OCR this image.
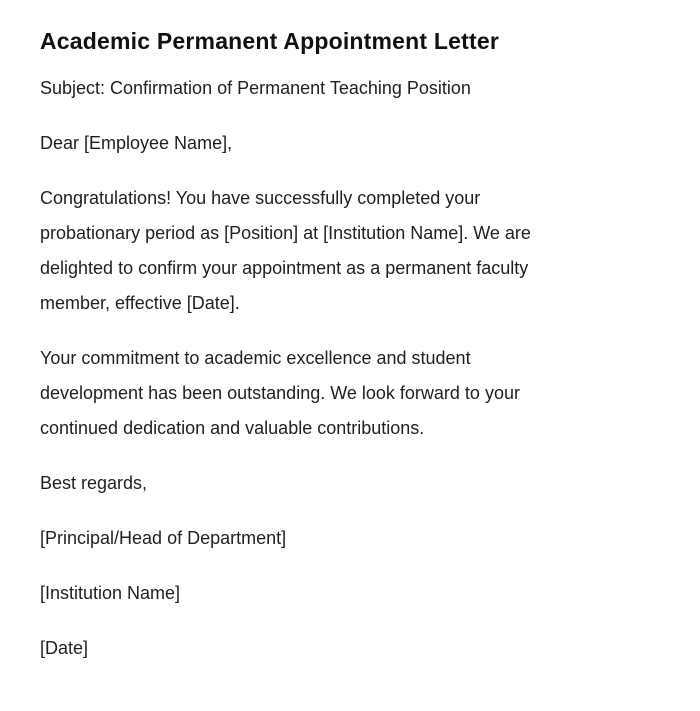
Academic Permanent Appointment Letter

Subject: Confirmation of Permanent Teaching Position

Dear [Employee Name],

Congratulations! You have successfully completed your
probationary period as [Position] at [Institution Name]. We are
delighted to confirm your appointment as a permanent faculty
member, effective [Date].

Your commitment to academic excellence and student
development has been outstanding. We look forward to your
continued dedication and valuable contributions.

Best regards,

[Principal/Head of Department]

[Institution Name]

[Date]
